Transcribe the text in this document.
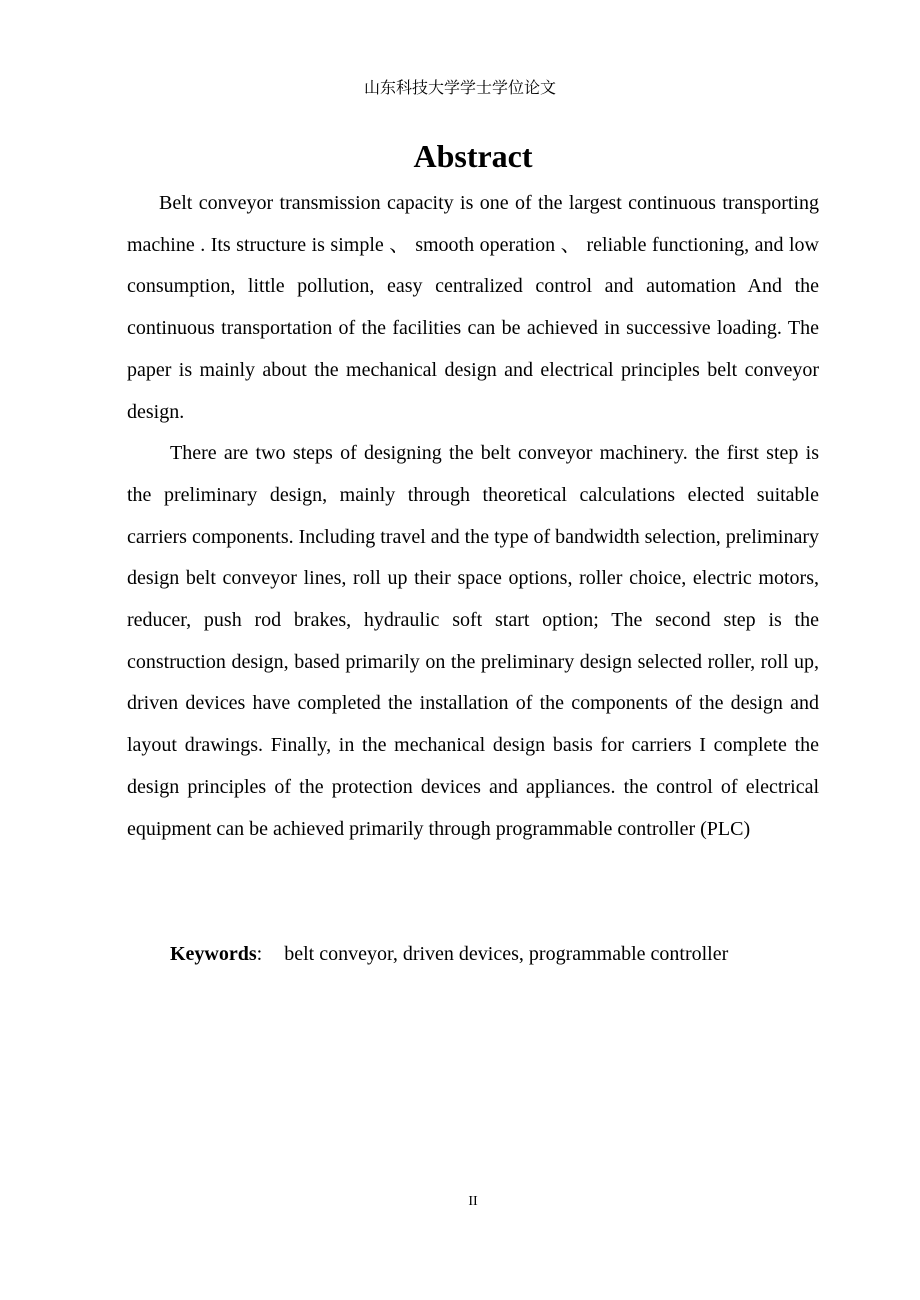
山东科技大学学士学位论文
Abstract

Belt conveyor transmission capacity is one of the largest continuous transporting machine . Its structure is simple 、 smooth operation 、 reliable functioning, and low consumption, little pollution, easy centralized control and automation And the continuous transportation of the facilities can be achieved in successive loading. The paper is mainly about the mechanical design and electrical principles belt conveyor design.

There are two steps of designing the belt conveyor machinery. the first step is the preliminary design, mainly through theoretical calculations elected suitable carriers components. Including travel and the type of bandwidth selection, preliminary design belt conveyor lines, roll up their space options, roller choice, electric motors, reducer, push rod brakes, hydraulic soft start option; The second step is the construction design, based primarily on the preliminary design selected roller, roll up, driven devices have completed the installation of the components of the design and layout drawings. Finally, in the mechanical design basis for carriers I complete the design principles of the protection devices and appliances. the control of electrical equipment can be achieved primarily through programmable controller (PLC)

Keywords: belt conveyor, driven devices, programmable controller
II
